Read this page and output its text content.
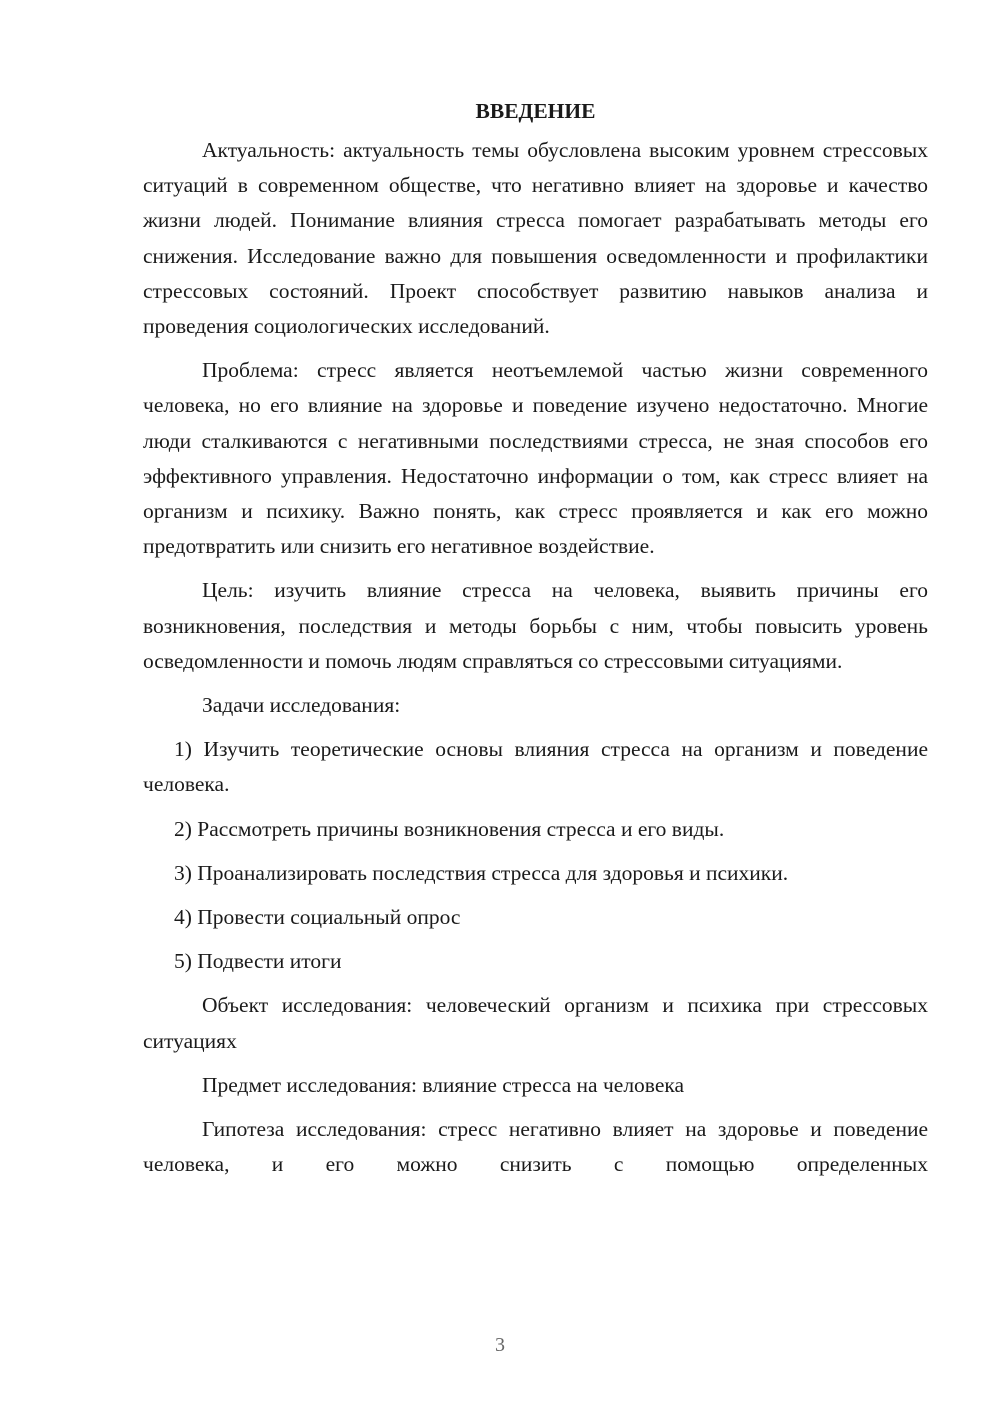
ВВЕДЕНИЕ

Актуальность: актуальность темы обусловлена высоким уровнем стрессовых ситуаций в современном обществе, что негативно влияет на здоровье и качество жизни людей. Понимание влияния стресса помогает разрабатывать методы его снижения. Исследование важно для повышения осведомленности и профилактики стрессовых состояний. Проект способствует развитию навыков анализа и проведения социологических исследований.

Проблема: стресс является неотъемлемой частью жизни современного человека, но его влияние на здоровье и поведение изучено недостаточно. Многие люди сталкиваются с негативными последствиями стресса, не зная способов его эффективного управления. Недостаточно информации о том, как стресс влияет на организм и психику. Важно понять, как стресс проявляется и как его можно предотвратить или снизить его негативное воздействие.

Цель: изучить влияние стресса на человека, выявить причины его возникновения, последствия и методы борьбы с ним, чтобы повысить уровень осведомленности и помочь людям справляться со стрессовыми ситуациями.

Задачи исследования:

1) Изучить теоретические основы влияния стресса на организм и поведение человека.

2) Рассмотреть причины возникновения стресса и его виды.

3) Проанализировать последствия стресса для здоровья и психики.

4) Провести социальный опрос

5) Подвести итоги

Объект исследования: человеческий организм и психика при стрессовых ситуациях

Предмет исследования: влияние стресса на человека

Гипотеза исследования: стресс негативно влияет на здоровье и поведение человека, и его можно снизить с помощью определенных

3
